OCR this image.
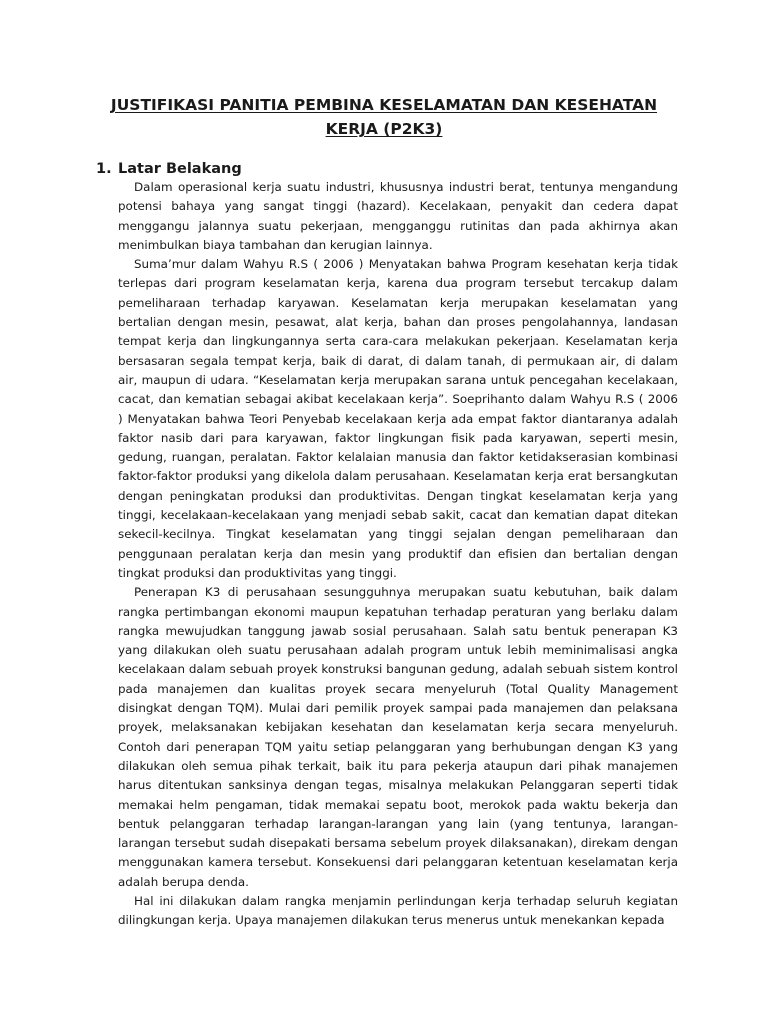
JUSTIFIKASI PANITIA PEMBINA KESELAMATAN DAN KESEHATAN KERJA (P2K3)
1. Latar Belakang

Dalam operasional kerja suatu industri, khususnya industri berat, tentunya mengandung potensi bahaya yang sangat tinggi (hazard). Kecelakaan, penyakit dan cedera dapat menggangu jalannya suatu pekerjaan, mengganggu rutinitas dan pada akhirnya akan menimbulkan biaya tambahan dan kerugian lainnya.

Suma’mur dalam Wahyu R.S ( 2006 ) Menyatakan bahwa Program kesehatan kerja tidak terlepas dari program keselamatan kerja, karena dua program tersebut tercakup dalam pemeliharaan terhadap karyawan. Keselamatan kerja merupakan keselamatan yang bertalian dengan mesin, pesawat, alat kerja, bahan dan proses pengolahannya, landasan tempat kerja dan lingkungannya serta cara-cara melakukan pekerjaan. Keselamatan kerja bersasaran segala tempat kerja, baik di darat, di dalam tanah, di permukaan air, di dalam air, maupun di udara. “Keselamatan kerja merupakan sarana untuk pencegahan kecelakaan, cacat, dan kematian sebagai akibat kecelakaan kerja”. Soeprihanto dalam Wahyu R.S ( 2006 ) Menyatakan bahwa Teori Penyebab kecelakaan kerja ada empat faktor diantaranya adalah faktor nasib dari para karyawan, faktor lingkungan fisik pada karyawan, seperti mesin, gedung, ruangan, peralatan. Faktor kelalaian manusia dan faktor ketidakserasian kombinasi faktor-faktor produksi yang dikelola dalam perusahaan. Keselamatan kerja erat bersangkutan dengan peningkatan produksi dan produktivitas. Dengan tingkat keselamatan kerja yang tinggi, kecelakaan-kecelakaan yang menjadi sebab sakit, cacat dan kematian dapat ditekan sekecil-kecilnya. Tingkat keselamatan yang tinggi sejalan dengan pemeliharaan dan penggunaan peralatan kerja dan mesin yang produktif dan efisien dan bertalian dengan tingkat produksi dan produktivitas yang tinggi.

Penerapan K3 di perusahaan sesungguhnya merupakan suatu kebutuhan, baik dalam rangka pertimbangan ekonomi maupun kepatuhan terhadap peraturan yang berlaku dalam rangka mewujudkan tanggung jawab sosial perusahaan. Salah satu bentuk penerapan K3 yang dilakukan oleh suatu perusahaan adalah program untuk lebih meminimalisasi angka kecelakaan dalam sebuah proyek konstruksi bangunan gedung, adalah sebuah sistem kontrol pada manajemen dan kualitas proyek secara menyeluruh (Total Quality Management disingkat dengan TQM). Mulai dari pemilik proyek sampai pada manajemen dan pelaksana proyek, melaksanakan kebijakan kesehatan dan keselamatan kerja secara menyeluruh. Contoh dari penerapan TQM yaitu setiap pelanggaran yang berhubungan dengan K3 yang dilakukan oleh semua pihak terkait, baik itu para pekerja ataupun dari pihak manajemen harus ditentukan sanksinya dengan tegas, misalnya melakukan Pelanggaran seperti tidak memakai helm pengaman, tidak memakai sepatu boot, merokok pada waktu bekerja dan bentuk pelanggaran terhadap larangan-larangan yang lain (yang tentunya, larangan-larangan tersebut sudah disepakati bersama sebelum proyek dilaksanakan), direkam dengan menggunakan kamera tersebut. Konsekuensi dari pelanggaran ketentuan keselamatan kerja adalah berupa denda.

Hal ini dilakukan dalam rangka menjamin perlindungan kerja terhadap seluruh kegiatan dilingkungan kerja. Upaya manajemen dilakukan terus menerus untuk menekankan kepada
